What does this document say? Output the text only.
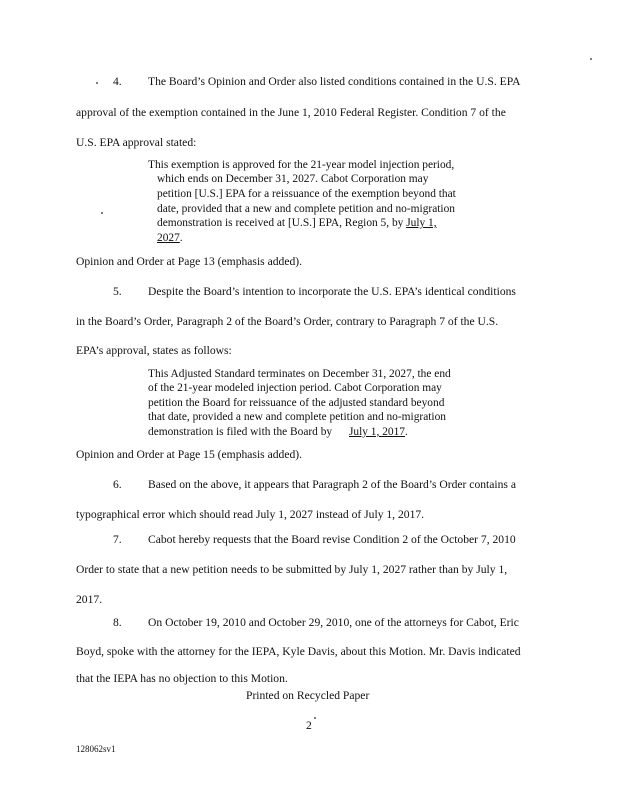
4. The Board’s Opinion and Order also listed conditions contained in the U.S. EPA
approval of the exemption contained in the June 1, 2010 Federal Register. Condition 7 of the
U.S. EPA approval stated:
This exemption is approved for the 21-year model injection period,
which ends on December 31, 2027. Cabot Corporation may
petition [U.S.] EPA for a reissuance of the exemption beyond that
date, provided that a new and complete petition and no-migration
demonstration is received at [U.S.] EPA, Region 5, by July 1,
2027.
Opinion and Order at Page 13 (emphasis added).
5. Despite the Board’s intention to incorporate the U.S. EPA’s identical conditions
in the Board’s Order, Paragraph 2 of the Board’s Order, contrary to Paragraph 7 of the U.S.
EPA’s approval, states as follows:
This Adjusted Standard terminates on December 31, 2027, the end
of the 21-year modeled injection period. Cabot Corporation may
petition the Board for reissuance of the adjusted standard beyond
that date, provided a new and complete petition and no-migration
demonstration is filed with the Board by July 1, 2017.
Opinion and Order at Page 15 (emphasis added).
6. Based on the above, it appears that Paragraph 2 of the Board’s Order contains a
typographical error which should read July 1, 2027 instead of July 1, 2017.
7. Cabot hereby requests that the Board revise Condition 2 of the October 7, 2010
Order to state that a new petition needs to be submitted by July 1, 2027 rather than by July 1,
2017.
8. On October 19, 2010 and October 29, 2010, one of the attorneys for Cabot, Eric
Boyd, spoke with the attorney for the IEPA, Kyle Davis, about this Motion. Mr. Davis indicated
that the IEPA has no objection to this Motion.
Printed on Recycled Paper
2
128062sv1
